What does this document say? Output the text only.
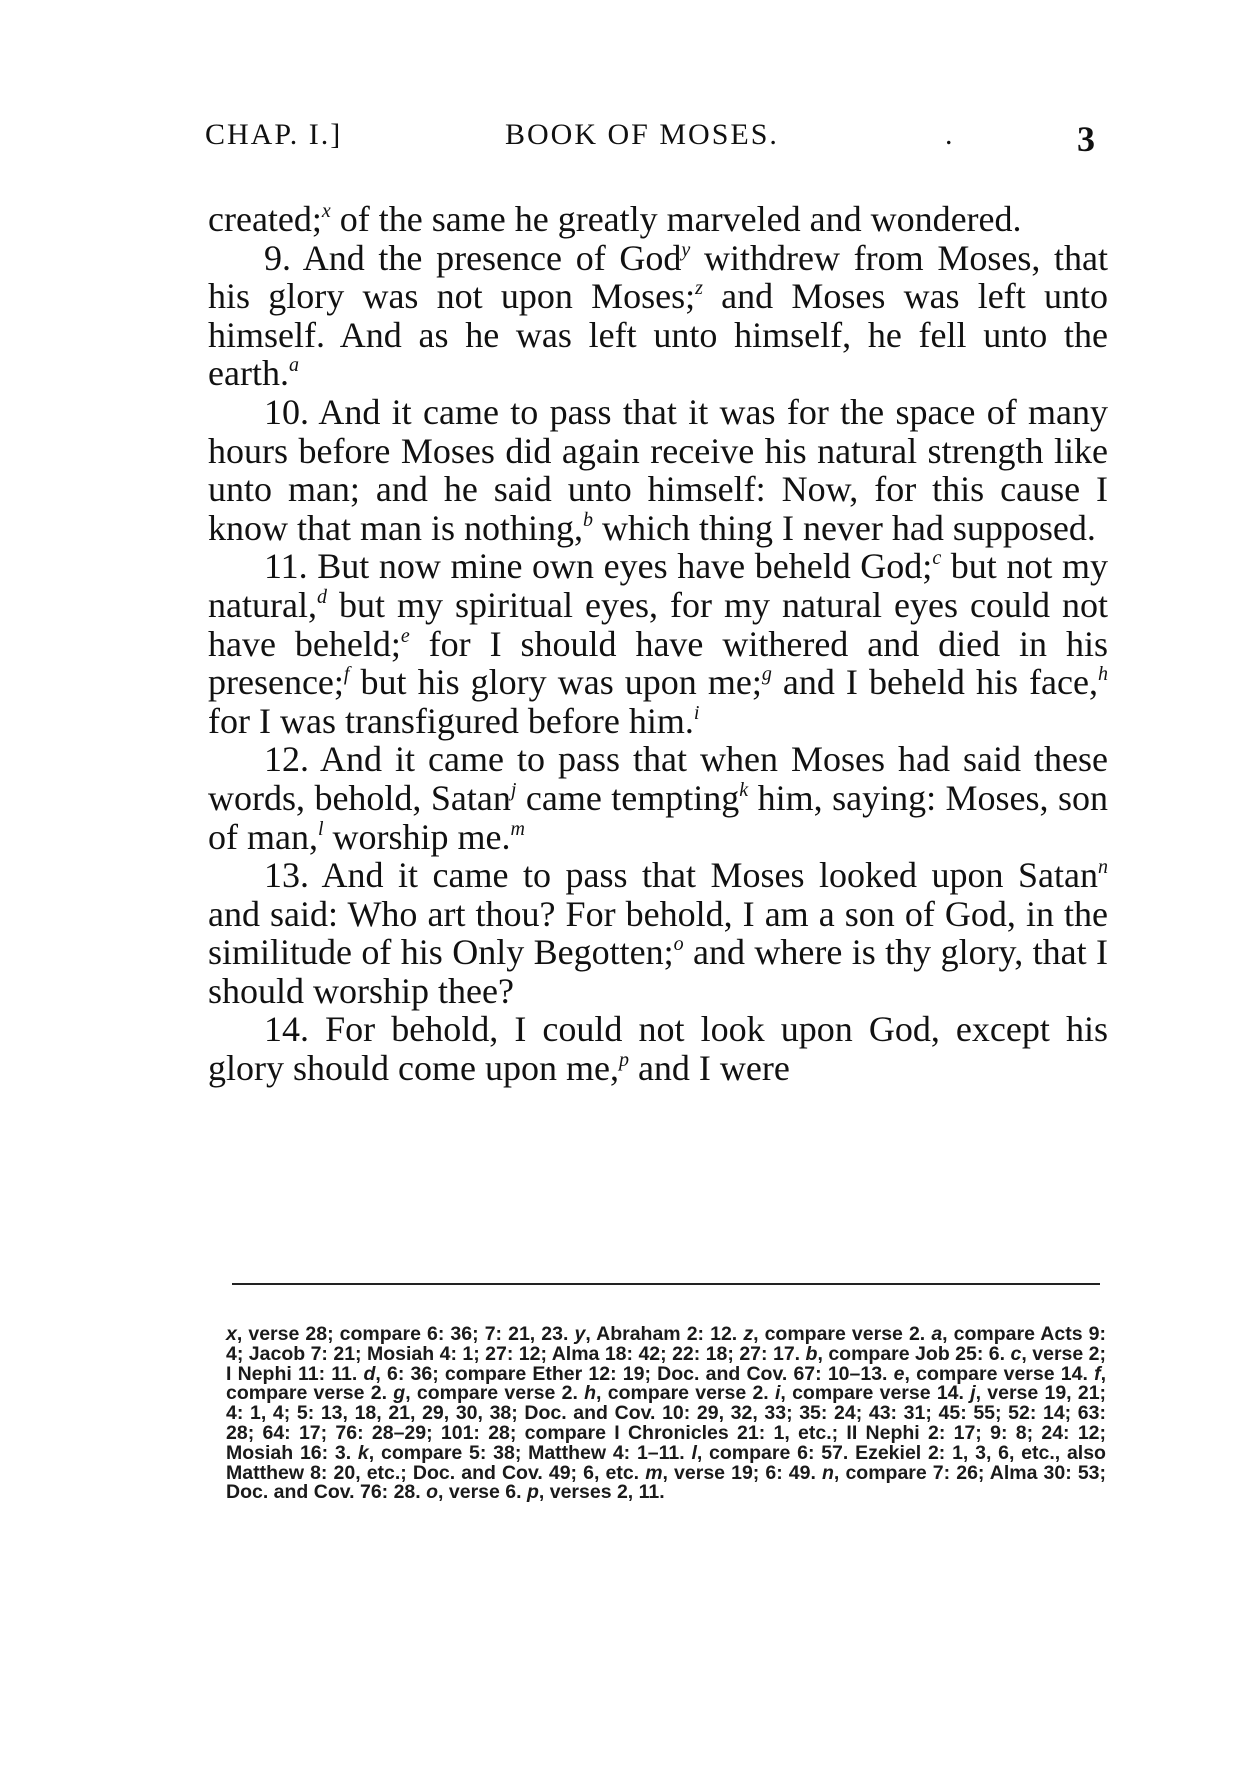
CHAP. I.]	BOOK OF MOSES.	.	3

created;$^x$ of the same he greatly marveled and wondered.

9. And the presence of God$^y$ withdrew from Moses, that his glory was not upon Moses;$^z$ and Moses was left unto himself. And as he was left unto himself, he fell unto the earth.$^a$

10. And it came to pass that it was for the space of many hours before Moses did again receive his natural strength like unto man; and he said unto himself: Now, for this cause I know that man is nothing,$^b$ which thing I never had supposed.

11. But now mine own eyes have beheld God;$^c$ but not my natural,$^d$ but my spiritual eyes, for my natural eyes could not have beheld;$^e$ for I should have withered and died in his presence;$^f$ but his glory was upon me;$^g$ and I beheld his face,$^h$ for I was transfigured before him.$^i$

12. And it came to pass that when Moses had said these words, behold, Satan$^j$ came tempting$^k$ him, saying: Moses, son of man,$^l$ worship me.$^m$

13. And it came to pass that Moses looked upon Satan$^n$ and said: Who art thou? For behold, I am a son of God, in the similitude of his Only Begotten;$^o$ and where is thy glory, that I should worship thee?

14. For behold, I could not look upon God, except his glory should come upon me,$^p$ and I were

x, verse 28; compare 6: 36; 7: 21, 23. y, Abraham 2: 12. z, compare verse 2. a, compare Acts 9: 4; Jacob 7: 21; Mosiah 4: 1; 27: 12; Alma 18: 42; 22: 18; 27: 17. b, compare Job 25: 6. c, verse 2; I Nephi 11: 11. d, 6: 36; compare Ether 12: 19; Doc. and Cov. 67: 10–13. e, compare verse 14. f, compare verse 2. g, compare verse 2. h, compare verse 2. i, compare verse 14. j, verse 19, 21; 4: 1, 4; 5: 13, 18, 21, 29, 30, 38; Doc. and Cov. 10: 29, 32, 33; 35: 24; 43: 31; 45: 55; 52: 14; 63: 28; 64: 17; 76: 28–29; 101: 28; compare I Chronicles 21: 1, etc.; II Nephi 2: 17; 9: 8; 24: 12; Mosiah 16: 3. k, compare 5: 38; Matthew 4: 1–11. l, compare 6: 57. Ezekiel 2: 1, 3, 6, etc., also Matthew 8: 20, etc.; Doc. and Cov. 49; 6, etc. m, verse 19; 6: 49. n, compare 7: 26; Alma 30: 53; Doc. and Cov. 76: 28. o, verse 6. p, verses 2, 11.
